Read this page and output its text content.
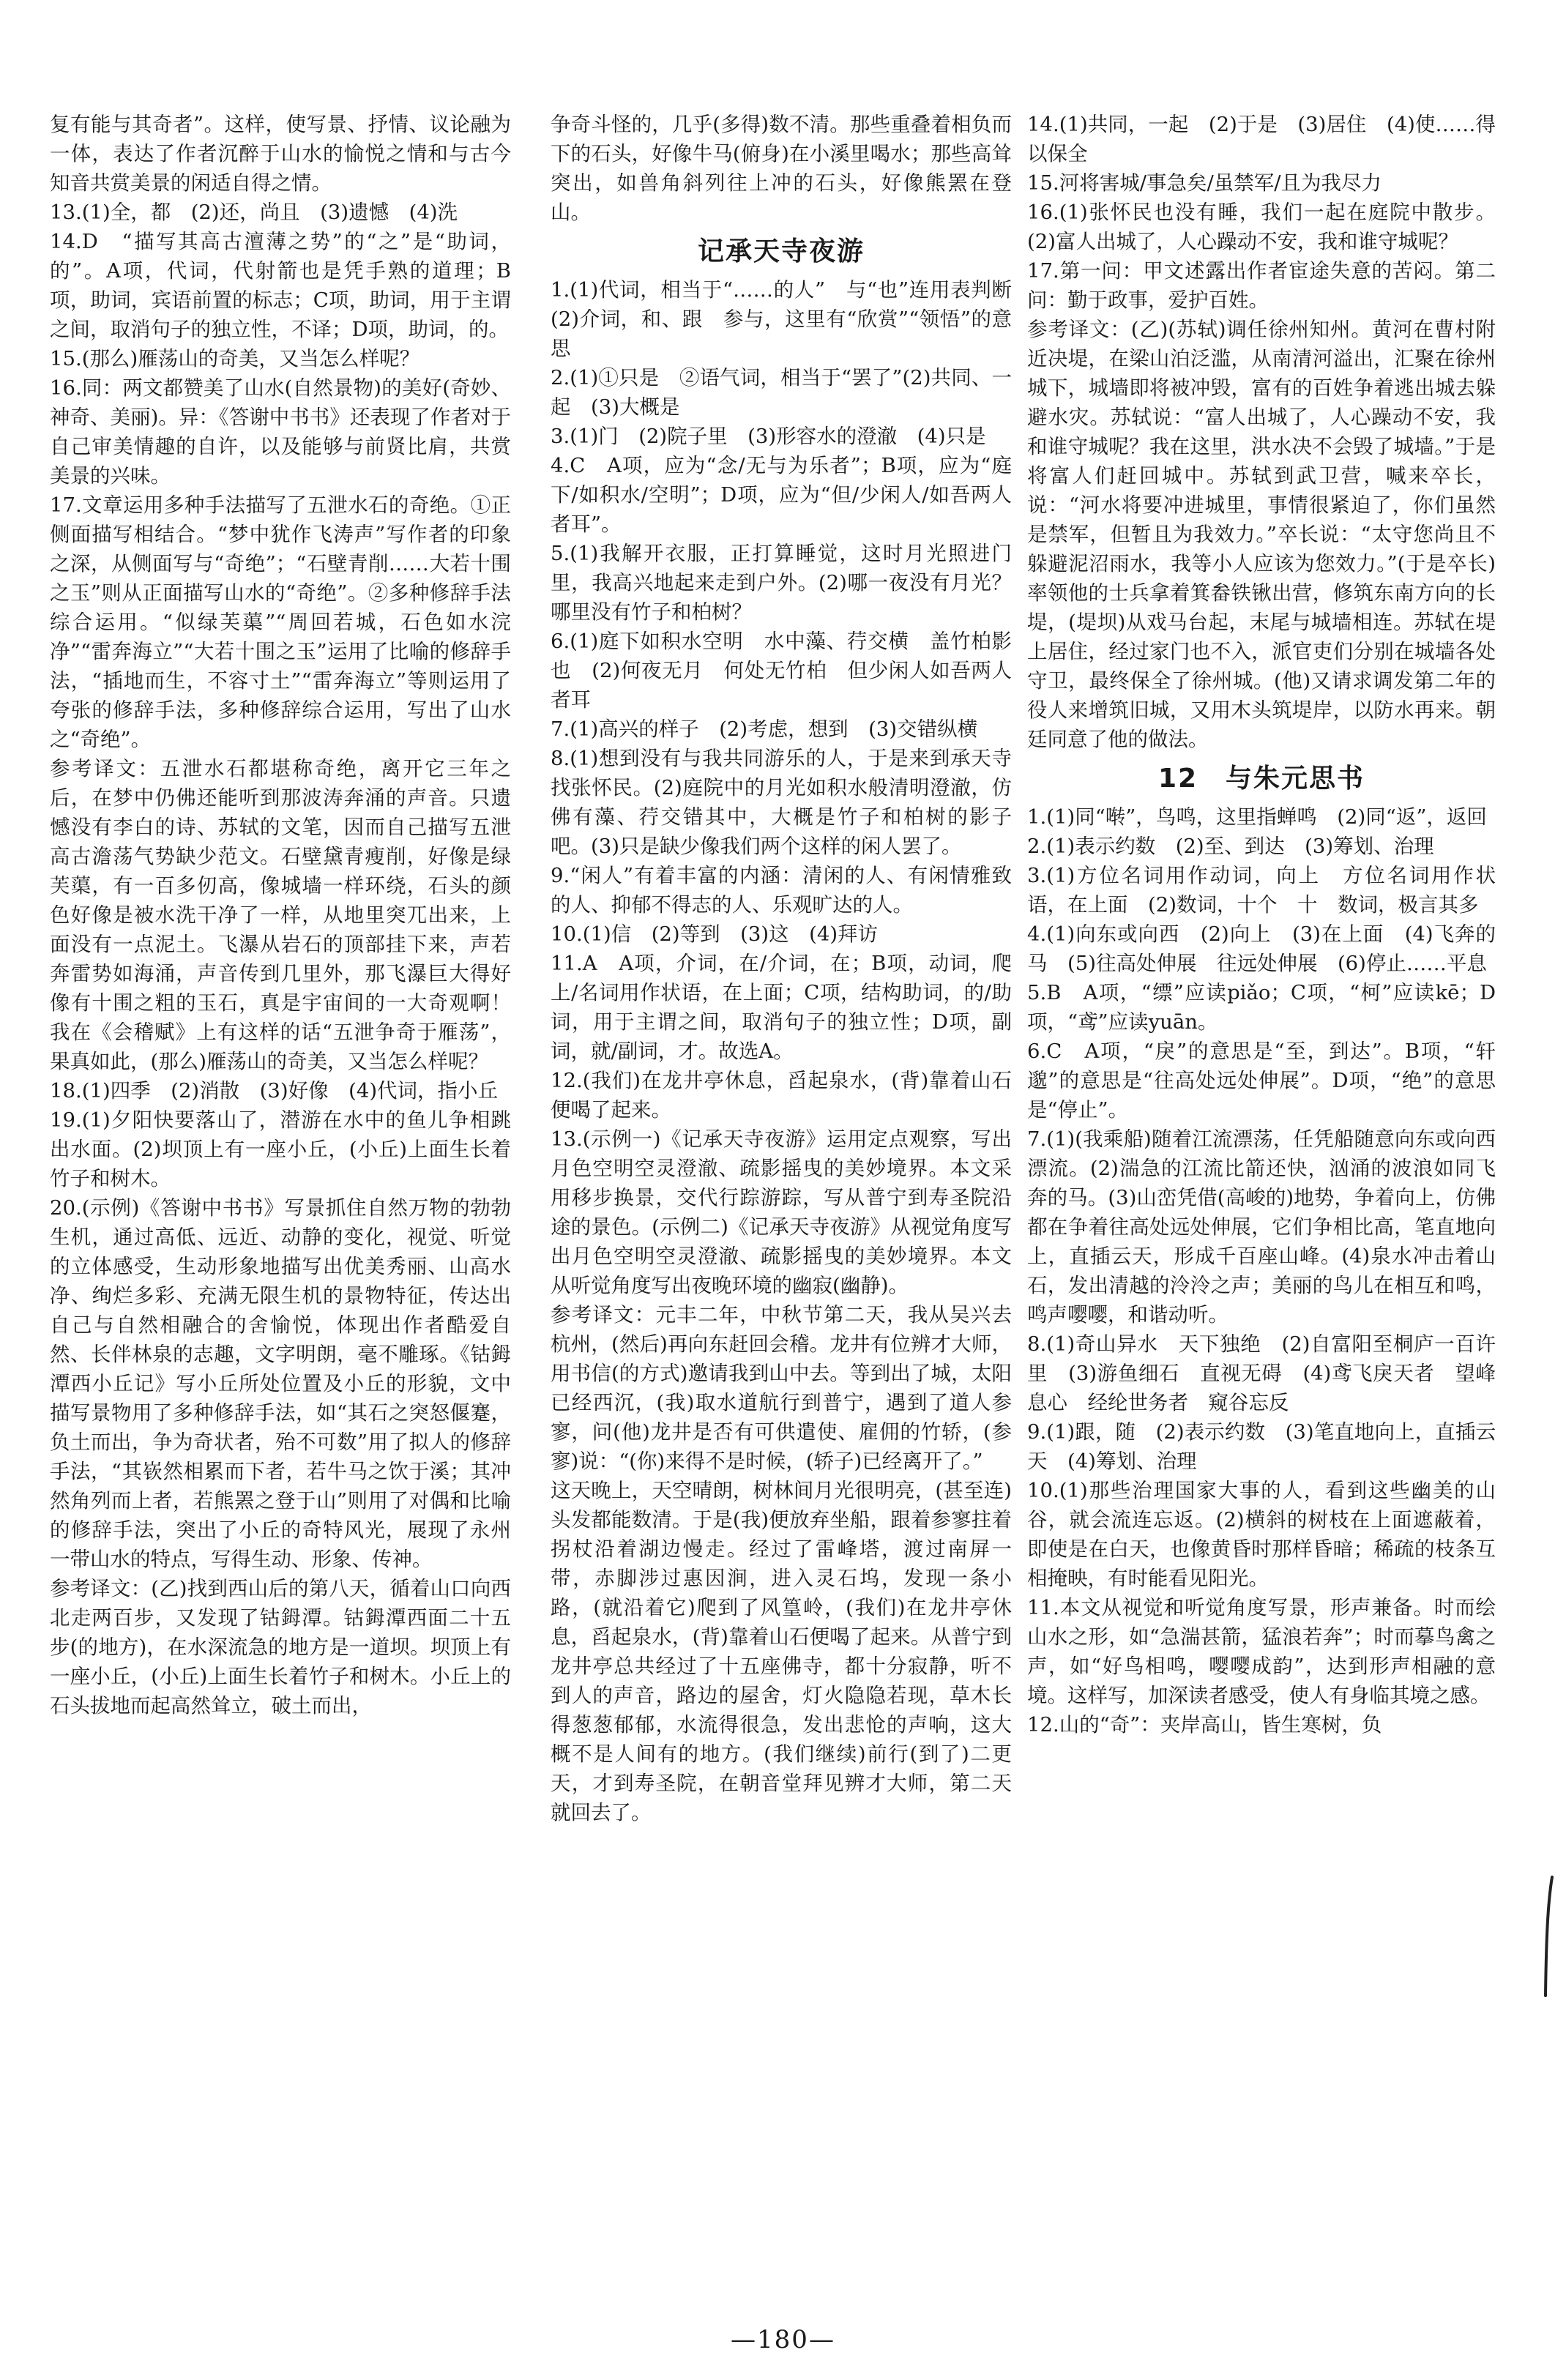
复有能与其奇者”。这样，使写景、抒情、议论融为一体，表达了作者沉醉于山水的愉悦之情和与古今知音共赏美景的闲适自得之情。

13.(1)全，都　(2)还，尚且　(3)遗憾　(4)洗

14.D　“描写其高古澶薄之势”的“之”是“助词，的”。A项，代词，代射箭也是凭手熟的道理；B项，助词，宾语前置的标志；C项，助词，用于主谓之间，取消句子的独立性，不译；D项，助词，的。

15.(那么)雁荡山的奇美，又当怎么样呢？

16.同：两文都赞美了山水(自然景物)的美好(奇妙、神奇、美丽)。异：《答谢中书书》还表现了作者对于自己审美情趣的自许，以及能够与前贤比肩，共赏美景的兴味。

17.文章运用多种手法描写了五泄水石的奇绝。①正侧面描写相结合。“梦中犹作飞涛声”写作者的印象之深，从侧面写与“奇绝”；“石壁青削……大若十围之玉”则从正面描写山水的“奇绝”。②多种修辞手法综合运用。“似绿芙蕖”“周回若城，石色如水浣净”“雷奔海立”“大若十围之玉”运用了比喻的修辞手法，“插地而生，不容寸土”“雷奔海立”等则运用了夸张的修辞手法，多种修辞综合运用，写出了山水之“奇绝”。

参考译文：五泄水石都堪称奇绝，离开它三年之后，在梦中仍佛还能听到那波涛奔涌的声音。只遗憾没有李白的诗、苏轼的文笔，因而自己描写五泄高古澹荡气势缺少范文。石壁黛青瘦削，好像是绿芙蕖，有一百多仞高，像城墙一样环绕，石头的颜色好像是被水洗干净了一样，从地里突兀出来，上面没有一点泥土。飞瀑从岩石的顶部挂下来，声若奔雷势如海涌，声音传到几里外，那飞瀑巨大得好像有十围之粗的玉石，真是宇宙间的一大奇观啊！我在《会稽赋》上有这样的话“五泄争奇于雁荡”，果真如此，(那么)雁荡山的奇美，又当怎么样呢？

18.(1)四季　(2)消散　(3)好像　(4)代词，指小丘

19.(1)夕阳快要落山了，潜游在水中的鱼儿争相跳出水面。(2)坝顶上有一座小丘，(小丘)上面生长着竹子和树木。

20.(示例)《答谢中书书》写景抓住自然万物的勃勃生机，通过高低、远近、动静的变化，视觉、听觉的立体感受，生动形象地描写出优美秀丽、山高水净、绚烂多彩、充满无限生机的景物特征，传达出自己与自然相融合的舍愉悦，体现出作者酷爱自然、长伴林泉的志趣，文字明朗，毫不雕琢。《钴鉧潭西小丘记》写小丘所处位置及小丘的形貌，文中描写景物用了多种修辞手法，如“其石之突怒偃蹇，负土而出，争为奇状者，殆不可数”用了拟人的修辞手法，“其嵚然相累而下者，若牛马之饮于溪；其冲然角列而上者，若熊罴之登于山”则用了对偶和比喻的修辞手法，突出了小丘的奇特风光，展现了永州一带山水的特点，写得生动、形象、传神。

参考译文：(乙)找到西山后的第八天，循着山口向西北走两百步，又发现了钴鉧潭。钴鉧潭西面二十五步(的地方)，在水深流急的地方是一道坝。坝顶上有一座小丘，(小丘)上面生长着竹子和树木。小丘上的石头拔地而起高然耸立，破土而出，

争奇斗怪的，几乎(多得)数不清。那些重叠着相负而下的石头，好像牛马(俯身)在小溪里喝水；那些高耸突出，如兽角斜列往上冲的石头，好像熊罴在登山。

记承天寺夜游

1.(1)代词，相当于“……的人”　与“也”连用表判断　(2)介词，和、跟　参与，这里有“欣赏”“领悟”的意思

2.(1)①只是　②语气词，相当于“罢了”(2)共同、一起　(3)大概是

3.(1)门　(2)院子里　(3)形容水的澄澈　(4)只是

4.C　A项，应为“念/无与为乐者”；B项，应为“庭下/如积水/空明”；D项，应为“但/少闲人/如吾两人者耳”。

5.(1)我解开衣服，正打算睡觉，这时月光照进门里，我高兴地起来走到户外。(2)哪一夜没有月光？哪里没有竹子和柏树？

6.(1)庭下如积水空明　水中藻、荇交横　盖竹柏影也　(2)何夜无月　何处无竹柏　但少闲人如吾两人者耳

7.(1)高兴的样子　(2)考虑，想到　(3)交错纵横

8.(1)想到没有与我共同游乐的人，于是来到承天寺找张怀民。(2)庭院中的月光如积水般清明澄澈，仿佛有藻、荇交错其中，大概是竹子和柏树的影子吧。(3)只是缺少像我们两个这样的闲人罢了。

9.“闲人”有着丰富的内涵：清闲的人、有闲情雅致的人、抑郁不得志的人、乐观旷达的人。

10.(1)信　(2)等到　(3)这　(4)拜访

11.A　A项，介词，在/介词，在；B项，动词，爬上/名词用作状语，在上面；C项，结构助词，的/助词，用于主谓之间，取消句子的独立性；D项，副词，就/副词，才。故选A。

12.(我们)在龙井亭休息，舀起泉水，(背)靠着山石便喝了起来。

13.(示例一)《记承天寺夜游》运用定点观察，写出月色空明空灵澄澈、疏影摇曳的美妙境界。本文采用移步换景，交代行踪游踪，写从普宁到寿圣院沿途的景色。(示例二)《记承天寺夜游》从视觉角度写出月色空明空灵澄澈、疏影摇曳的美妙境界。本文从听觉角度写出夜晚环境的幽寂(幽静)。

参考译文：元丰二年，中秋节第二天，我从吴兴去杭州，(然后)再向东赶回会稽。龙井有位辨才大师，用书信(的方式)邀请我到山中去。等到出了城，太阳已经西沉，(我)取水道航行到普宁，遇到了道人参寥，问(他)龙井是否有可供遣使、雇佣的竹轿，(参寥)说：“(你)来得不是时候，(轿子)已经离开了。”

这天晚上，天空晴朗，树林间月光很明亮，(甚至连)头发都能数清。于是(我)便放弃坐船，跟着参寥拄着拐杖沿着湖边慢走。经过了雷峰塔，渡过南屏一带，赤脚涉过惠因涧，进入灵石坞，发现一条小路，(就沿着它)爬到了风篁岭，(我们)在龙井亭休息，舀起泉水，(背)靠着山石便喝了起来。从普宁到龙井亭总共经过了十五座佛寺，都十分寂静，听不到人的声音，路边的屋舍，灯火隐隐若现，草木长得葱葱郁郁，水流得很急，发出悲怆的声响，这大概不是人间有的地方。(我们继续)前行(到了)二更天，才到寿圣院，在朝音堂拜见辨才大师，第二天就回去了。

14.(1)共同，一起　(2)于是　(3)居住　(4)使……得以保全

15.河将害城/事急矣/虽禁军/且为我尽力

16.(1)张怀民也没有睡，我们一起在庭院中散步。(2)富人出城了，人心躁动不安，我和谁守城呢？

17.第一问：甲文述露出作者宦途失意的苦闷。第二问：勤于政事，爱护百姓。

参考译文：(乙)(苏轼)调任徐州知州。黄河在曹村附近决堤，在梁山泊泛滥，从南清河溢出，汇聚在徐州城下，城墙即将被冲毁，富有的百姓争着逃出城去躲避水灾。苏轼说：“富人出城了，人心躁动不安，我和谁守城呢？我在这里，洪水决不会毁了城墙。”于是将富人们赶回城中。苏轼到武卫营，喊来卒长，说：“河水将要冲进城里，事情很紧迫了，你们虽然是禁军，但暂且为我效力。”卒长说：“太守您尚且不躲避泥沼雨水，我等小人应该为您效力。”(于是卒长)率领他的士兵拿着箕畚铁锹出营，修筑东南方向的长堤，(堤坝)从戏马台起，末尾与城墙相连。苏轼在堤上居住，经过家门也不入，派官吏们分别在城墙各处守卫，最终保全了徐州城。(他)又请求调发第二年的役人来增筑旧城，又用木头筑堤岸，以防水再来。朝廷同意了他的做法。

12　与朱元思书

1.(1)同“啭”，鸟鸣，这里指蝉鸣　(2)同“返”，返回

2.(1)表示约数　(2)至、到达　(3)筹划、治理

3.(1)方位名词用作动词，向上　方位名词用作状语，在上面　(2)数词，十个　十　数词，极言其多

4.(1)向东或向西　(2)向上　(3)在上面　(4)飞奔的马　(5)往高处伸展　往远处伸展　(6)停止……平息

5.B　A项，“缥”应读piǎo；C项，“柯”应读kē；D项，“鸢”应读yuān。

6.C　A项，“戾”的意思是“至，到达”。B项，“轩邈”的意思是“往高处远处伸展”。D项，“绝”的意思是“停止”。

7.(1)(我乘船)随着江流漂荡，任凭船随意向东或向西漂流。(2)湍急的江流比箭还快，汹涌的波浪如同飞奔的马。(3)山峦凭借(高峻的)地势，争着向上，仿佛都在争着往高处远处伸展，它们争相比高，笔直地向上，直插云天，形成千百座山峰。(4)泉水冲击着山石，发出清越的泠泠之声；美丽的鸟儿在相互和鸣，鸣声嘤嘤，和谐动听。

8.(1)奇山异水　天下独绝　(2)自富阳至桐庐一百许里　(3)游鱼细石　直视无碍　(4)鸢飞戾天者　望峰息心　经纶世务者　窥谷忘反

9.(1)跟，随　(2)表示约数　(3)笔直地向上，直插云天　(4)筹划、治理

10.(1)那些治理国家大事的人，看到这些幽美的山谷，就会流连忘返。(2)横斜的树枝在上面遮蔽着，即使是在白天，也像黄昏时那样昏暗；稀疏的枝条互相掩映，有时能看见阳光。

11.本文从视觉和听觉角度写景，形声兼备。时而绘山水之形，如“急湍甚箭，猛浪若奔”；时而摹鸟禽之声，如“好鸟相鸣，嘤嘤成韵”，达到形声相融的意境。这样写，加深读者感受，使人有身临其境之感。

12.山的“奇”：夹岸高山，皆生寒树，负

—180—
